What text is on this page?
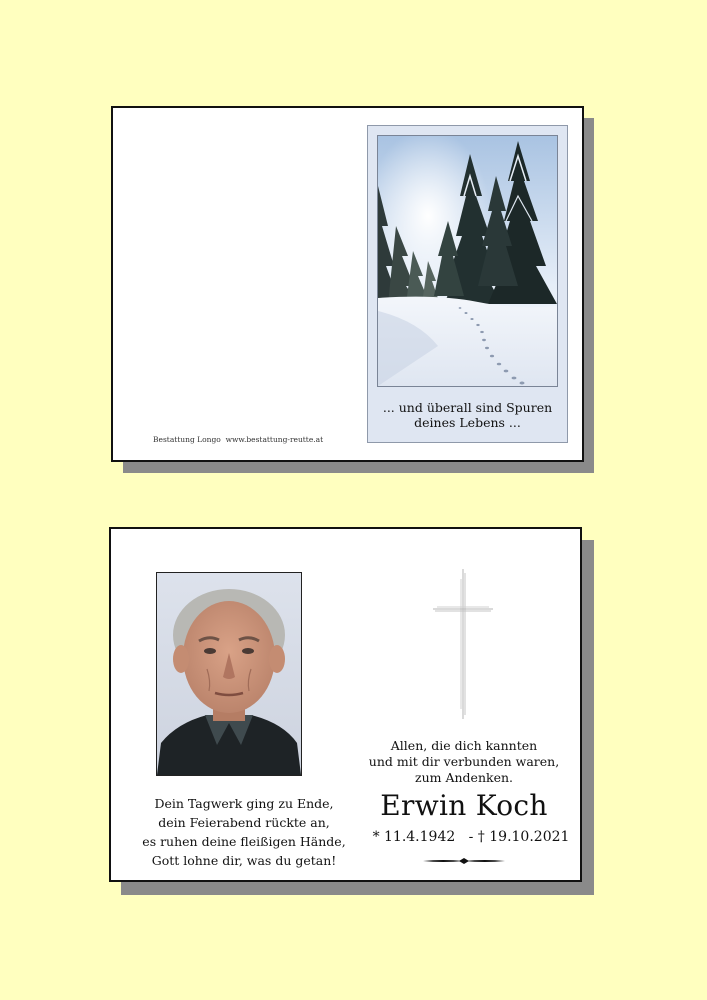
... und überall sind Spuren
deines Lebens ...
Bestattung Longo www.bestattung-reutte.at
Dein Tagwerk ging zu Ende,
dein Feierabend rückte an,
es ruhen deine fleißigen Hände,
Gott lohne dir, was du getan!
Allen, die dich kannten
und mit dir verbunden waren,
zum Andenken.
Erwin Koch
* 11.4.1942 - † 19.10.2021
